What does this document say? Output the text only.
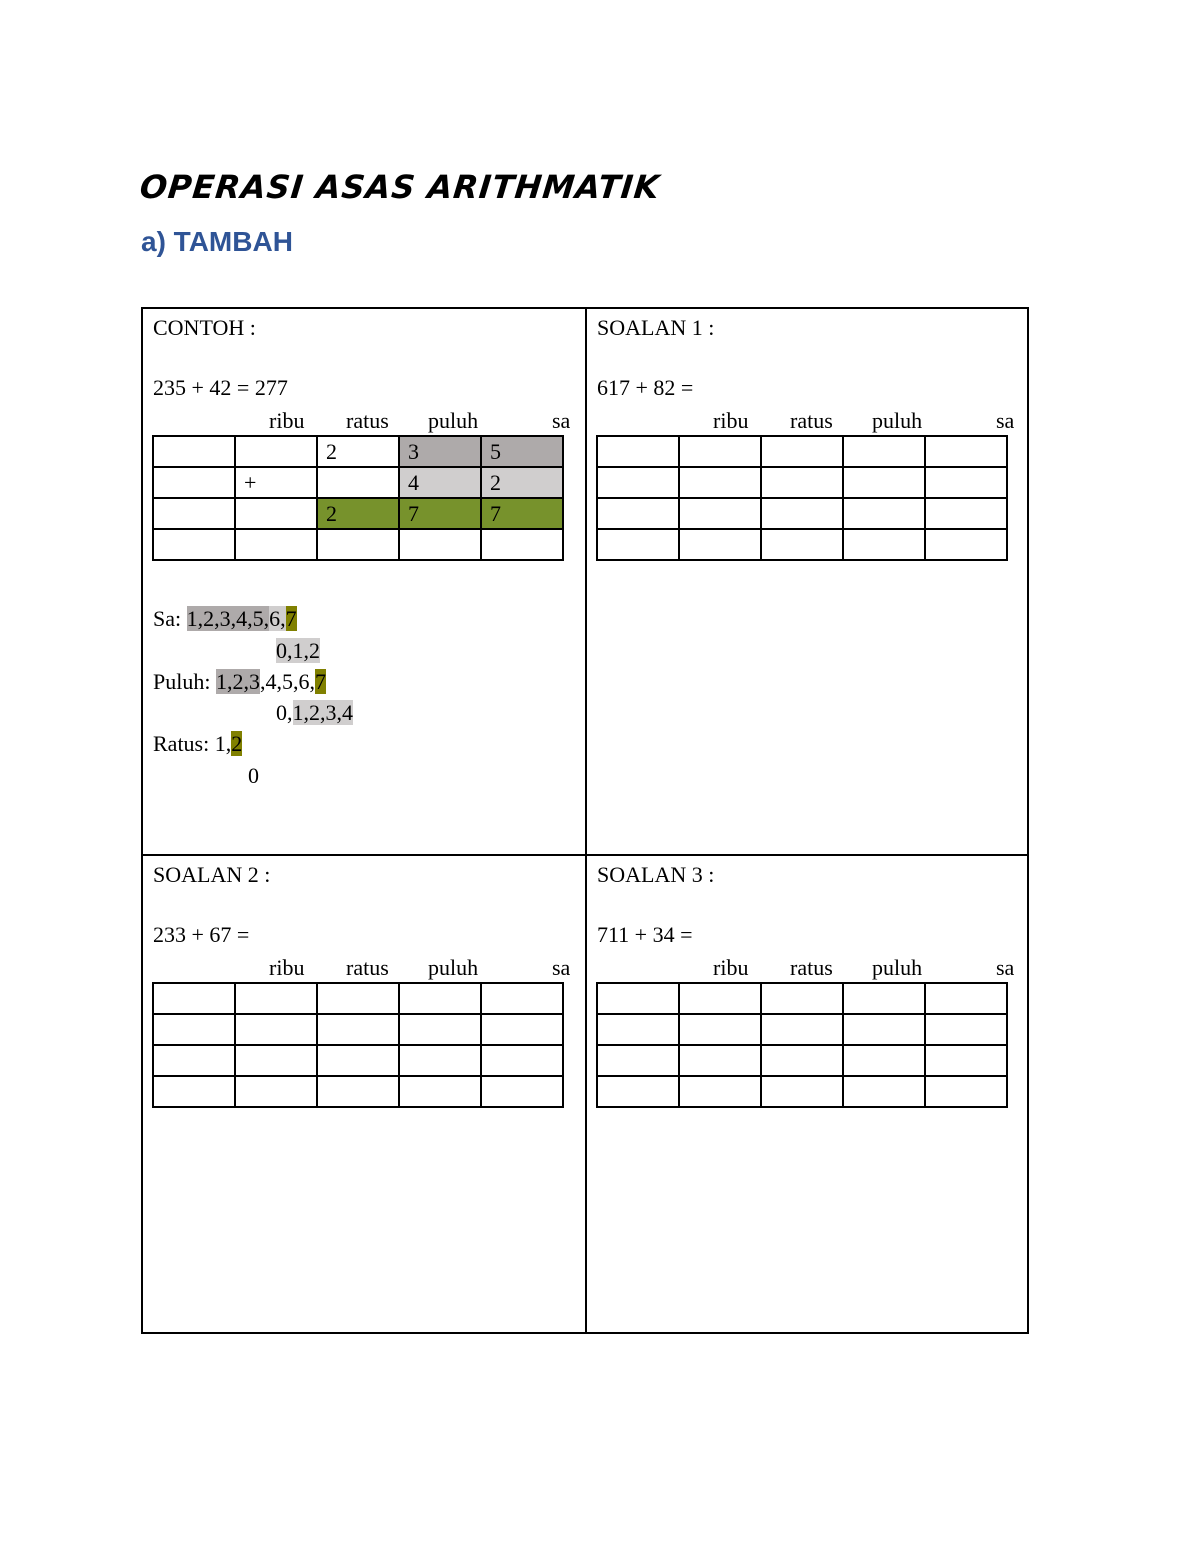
OPERASI ASAS ARITHMATIK
a) TAMBAH
CONTOH :
235 + 42 = 277
ribu ratus puluh	sa
		2	3	5
	+		4	2
		2	7	7

Sa: 1,2,3,4,5,6,7
0,1,2
Puluh: 1,2,3,4,5,6,7
0,1,2,3,4
Ratus: 1,2
0
SOALAN 1 :
617 + 82 =
ribu ratus puluh	sa

SOALAN 2 :
233 + 67 =
ribu ratus puluh	sa

SOALAN 3 :
711 + 34 =
ribu ratus puluh	sa
